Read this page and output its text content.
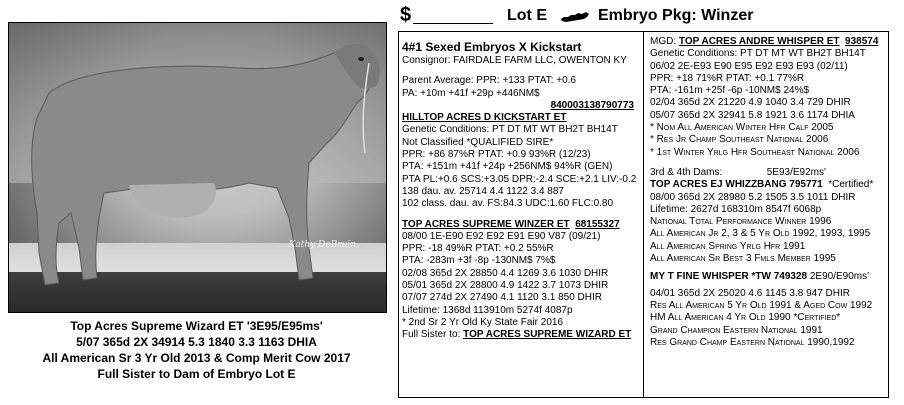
$	Lot E	Embryo Pkg: Winzer
Kathy DeBruin
Top Acres Supreme Wizard ET '3E95/E95ms'
5/07 365d 2X 34914 5.3 1840 3.3 1163 DHIA
All American Sr 3 Yr Old 2013 & Comp Merit Cow 2017
Full Sister to Dam of Embryo Lot E
4#1 Sexed Embryos X Kickstart
Consignor: FAIRDALE FARM LLC, OWENTON KY
Parent Average: PPR: +133 PTAT: +0.6
PA: +10m +41f +29p +446NM$
840003138790773
HILLTOP ACRES D KICKSTART ET
Genetic Conditions: PT DT MT WT BH2T BH14T
Not Classified *QUALIFIED SIRE*
PPR: +86 87%R PTAT: +0.9 93%R (12/23)
PTA: +151m +41f +24p +256NM$ 94%R (GEN)
PTA PL:+0.6 SCS:+3.05 DPR:-2.4 SCE:+2.1 LIV:-0.2
138 dau. av. 25714 4.4 1122 3.4 887
102 class. dau. av. FS:84.3 UDC:1.60 FLC:0.80
TOP ACRES SUPREME WINZER ET 68155327
08/00 1E-E90 E92 E92 E91 E90 V87 (09/21)
PPR: -18 49%R PTAT: +0.2 55%R
PTA: -283m +3f -8p -130NM$ 7%$
02/08 365d 2X 28850 4.4 1269 3.6 1030 DHIR
05/01 365d 2X 28800 4.9 1422 3.7 1073 DHIR
07/07 274d 2X 27490 4.1 1120 3.1 850 DHIR
Lifetime: 1368d 113910m 5274f 4087p
* 2nd Sr 2 Yr Old Ky State Fair 2016
Full Sister to: TOP ACRES SUPREME WIZARD ET
MGD: TOP ACRES ANDRE WHISPER ET 938574
Genetic Conditions: PT DT MT WT BH2T BH14T
06/02 2E-E93 E90 E95 E92 E93 E93 (02/11)
PPR: +18 71%R PTAT: +0.1 77%R
PTA: -161m +25f -6p -10NM$ 24%$
02/04 365d 2X 21220 4.9 1040 3.4 729 DHIR
05/07 365d 2X 32941 5.8 1921 3.6 1174 DHIA
* Nom All American Winter Hfr Calf 2005
* Res Jr Champ Southeast National 2006
* 1st Winter Yrlg Hfr Southeast National 2006
3rd & 4th Dams:	5E93/E92ms'
TOP ACRES EJ WHIZZBANG 795771 *Certified*
08/00 365d 2X 28980 5.2 1505 3.5 1011 DHIR
Lifetime: 2627d 168310m 8547f 6068p
National Total Performance Winner 1996
All American Jr 2, 3 & 5 Yr Old 1992, 1993, 1995
All American Spring Yrlg Hfr 1991
All American Sr Best 3 Fmls Member 1995
MY T FINE WHISPER *TW 749328 2E90/E90ms'
04/01 365d 2X 25020 4.6 1145 3.8 947 DHIR
Res All American 5 Yr Old 1991 & Aged Cow 1992
HM All American 4 Yr Old 1990 *Certified*
Grand Champion Eastern National 1991
Res Grand Champ Eastern National 1990,1992
